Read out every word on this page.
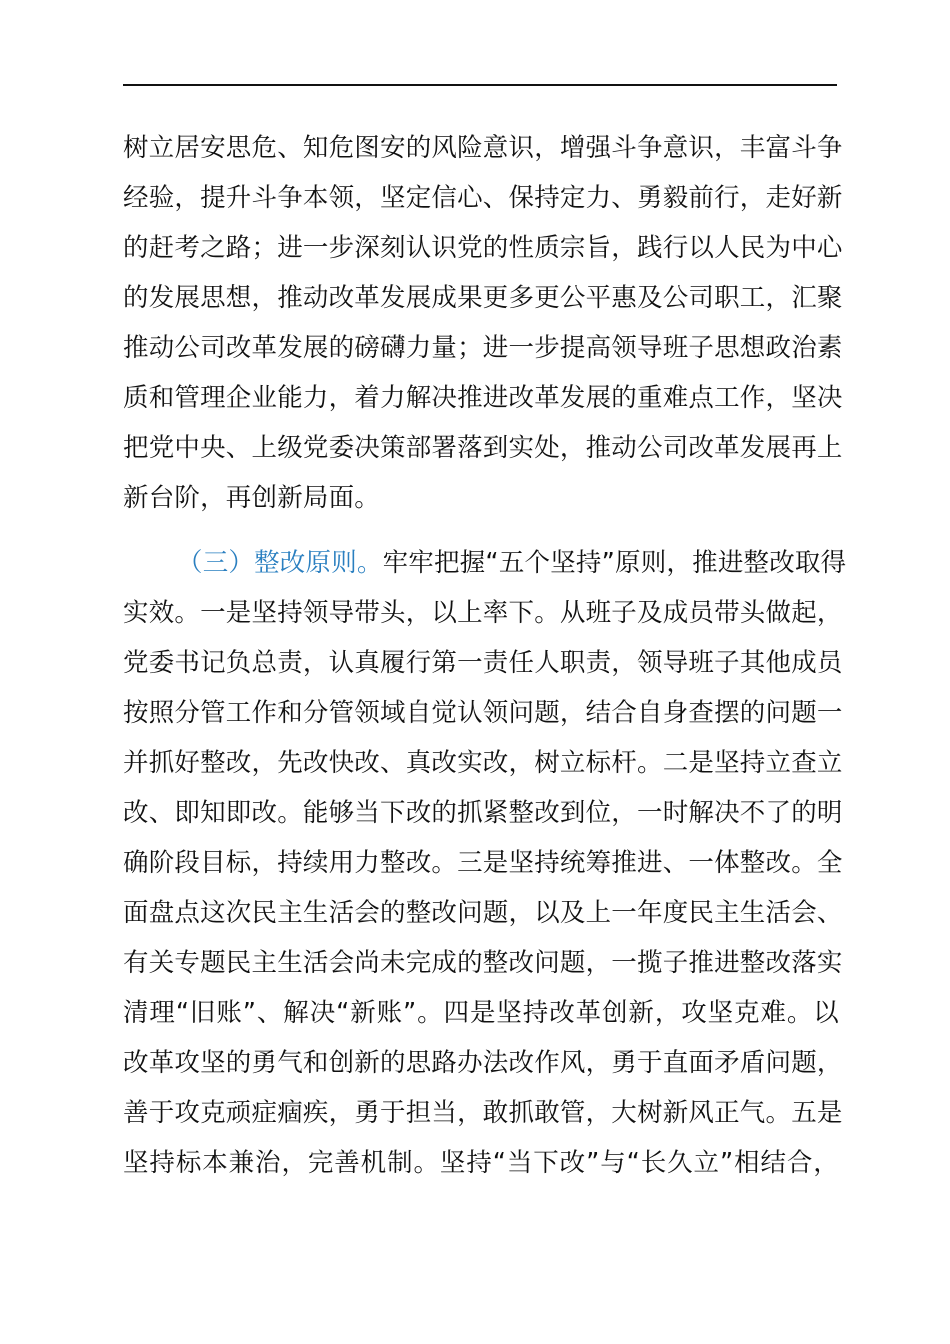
树立居安思危、知危图安的风险意识，增强斗争意识，丰富斗争
经验，提升斗争本领，坚定信心、保持定力、勇毅前行，走好新
的赶考之路；进一步深刻认识党的性质宗旨，践行以人民为中心
的发展思想，推动改革发展成果更多更公平惠及公司职工，汇聚
推动公司改革发展的磅礴力量；进一步提高领导班子思想政治素
质和管理企业能力，着力解决推进改革发展的重难点工作，坚决
把党中央、上级党委决策部署落到实处，推动公司改革发展再上
新台阶，再创新局面。
（三）整改原则。牢牢把握“五个坚持”原则，推进整改取得
实效。一是坚持领导带头，以上率下。从班子及成员带头做起，
党委书记负总责，认真履行第一责任人职责，领导班子其他成员
按照分管工作和分管领域自觉认领问题，结合自身查摆的问题一
并抓好整改，先改快改、真改实改，树立标杆。二是坚持立查立
改、即知即改。能够当下改的抓紧整改到位，一时解决不了的明
确阶段目标，持续用力整改。三是坚持统筹推进、一体整改。全
面盘点这次民主生活会的整改问题，以及上一年度民主生活会、
有关专题民主生活会尚未完成的整改问题，一揽子推进整改落实
清理“旧账”、解决“新账”。四是坚持改革创新，攻坚克难。以
改革攻坚的勇气和创新的思路办法改作风，勇于直面矛盾问题，
善于攻克顽症痼疾，勇于担当，敢抓敢管，大树新风正气。五是
坚持标本兼治，完善机制。坚持“当下改”与“长久立”相结合，
